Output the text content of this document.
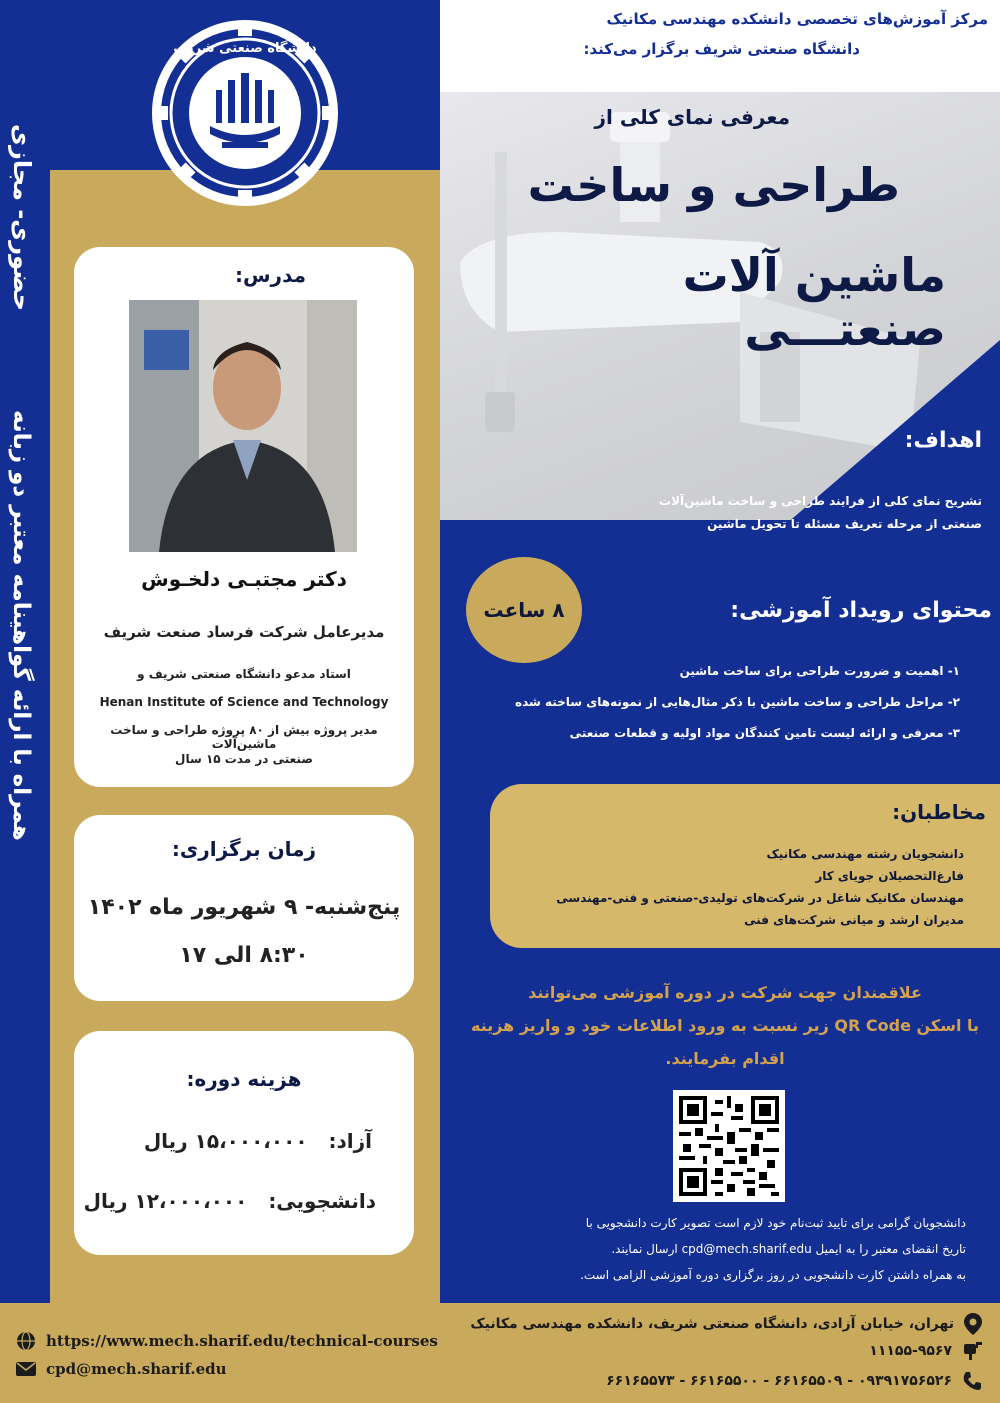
دانشگاه صنعتی شریف
حضوری- مجازی
همراه با ارائه گواهینامه معتبر دو زبانه
مدرس:
دکتر مجتبـی دلخـوش
مدیرعامل شرکت فرساد صنعت شریف
استاد مدعو دانشگاه صنعتی شریف و
Henan Institute of Science and Technology
مدیر پروژه بیش از ۸۰ پروژه طراحی و ساخت ماشین‌آلات
صنعتی در مدت ۱۵ سال
زمان برگزاری:
پنج‌شنبه- ۹ شهریور ماه ۱۴۰۲
۸:۳۰ الی ۱۷
هزینه دوره:
آزاد: ۱۵،۰۰۰،۰۰۰ ریال
دانشجویی: ۱۲،۰۰۰،۰۰۰ ریال
مرکز آموزش‌های تخصصی دانشکده مهندسی مکانیک
دانشگاه صنعتی شریف برگزار می‌کند:
معرفی نمای کلی از
طراحی و ساخت
ماشین آلات صنعتـــی
اهداف:
تشریح نمای کلی از فرایند طراحی و ساخت ماشین‌آلات
صنعتی از مرحله تعریف مسئله تا تحویل ماشین
۸ ساعت	محتوای رویداد آموزشی:
۱- اهمیت و ضرورت طراحی برای ساخت ماشین
۲- مراحل طراحی و ساخت ماشین با ذکر مثال‌هایی از نمونه‌های ساخته شده
۳- معرفی و ارائه لیست تامین کنندگان مواد اولیه و قطعات صنعتی
مخاطبان:
دانشجویان رشته مهندسی مکانیک
فارغ‌التحصیلان جویای کار
مهندسان مکانیک شاغل در شرکت‌های تولیدی-صنعتی و فنی-مهندسی
مدیران ارشد و میانی شرکت‌های فنی
علاقمندان جهت شرکت در دوره آموزشی می‌توانند
با اسکن QR Code زیر نسبت به ورود اطلاعات خود و واریز هزینه
اقدام بفرمایند.
دانشجویان گرامی برای تایید ثبت‌نام خود لازم است تصویر کارت دانشجویی با
تاریخ انقضای معتبر را به ایمیل cpd@mech.sharif.edu ارسال نمایند.
به همراه داشتن کارت دانشجویی در روز برگزاری دوره آموزشی الزامی است.
https://www.mech.sharif.edu/technical-courses
cpd@mech.sharif.edu
تهران، خیابان آزادی، دانشگاه صنعتی شریف، دانشکده مهندسی مکانیک
۱۱۱۵۵-۹۵۶۷
۰۹۳۹۱۷۵۶۵۲۶ - ۶۶۱۶۵۵۰۹ - ۶۶۱۶۵۵۰۰ - ۶۶۱۶۵۵۷۳
